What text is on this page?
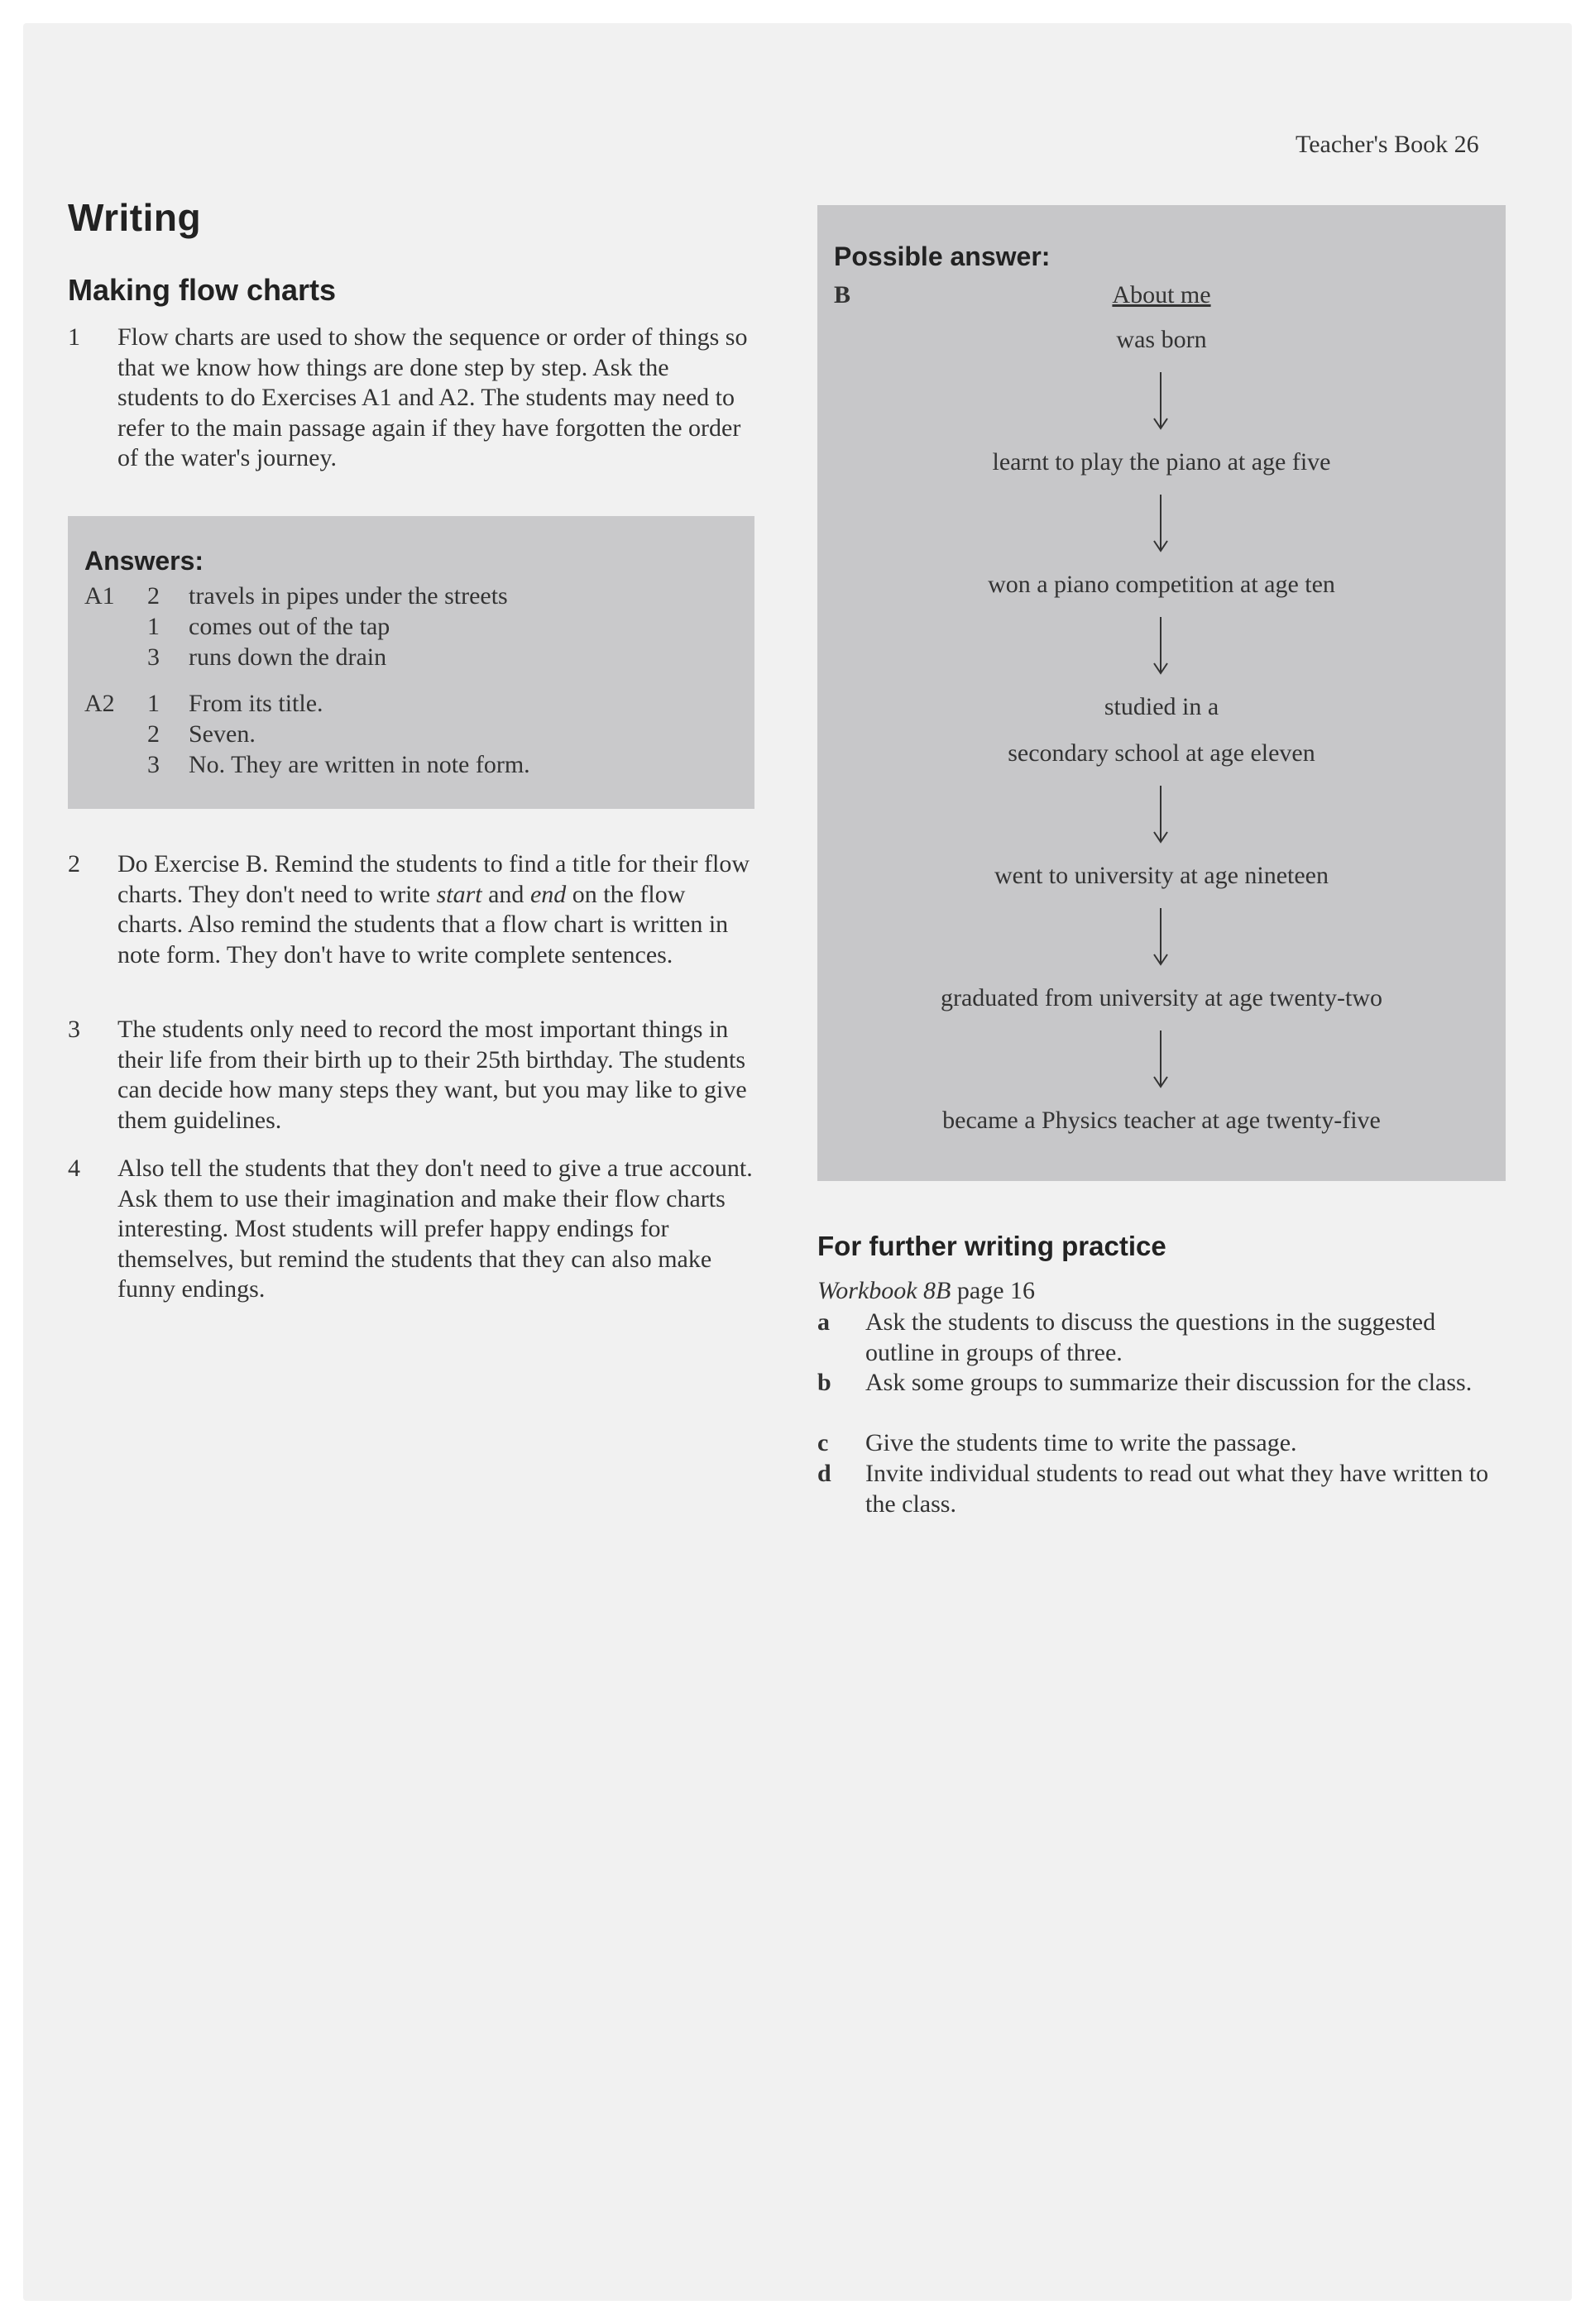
Teacher's Book 26
Writing
Making flow charts
1	Flow charts are used to show the sequence or order of things so that we know how things are done step by step. Ask the students to do Exercises A1 and A2. The students may need to refer to the main passage again if they have forgotten the order of the water's journey.
Answers:
A1 2 travels in pipes under the streets
1 comes out of the tap
3 runs down the drain
A2 1 From its title.
2 Seven.
3 No. They are written in note form.
2	Do Exercise B. Remind the students to find a title for their flow charts. They don't need to write start and end on the flow charts. Also remind the students that a flow chart is written in note form. They don't have to write complete sentences.
3	The students only need to record the most important things in their life from their birth up to their 25th birthday. The students can decide how many steps they want, but you may like to give them guidelines.
4	Also tell the students that they don't need to give a true account. Ask them to use their imagination and make their flow charts interesting. Most students will prefer happy endings for themselves, but remind the students that they can also make funny endings.
Possible answer:
B	About me
was born
learnt to play the piano at age five
won a piano competition at age ten
studied in a
secondary school at age eleven
went to university at age nineteen
graduated from university at age twenty-two
became a Physics teacher at age twenty-five
For further writing practice
Workbook 8B page 16
a Ask the students to discuss the questions in the suggested outline in groups of three.
b Ask some groups to summarize their discussion for the class.
c Give the students time to write the passage.
d Invite individual students to read out what they have written to the class.
